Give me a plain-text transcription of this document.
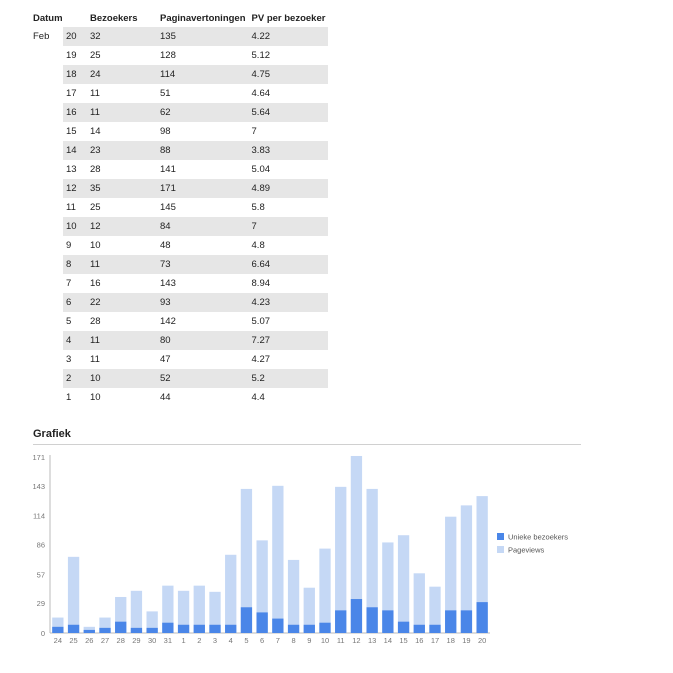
Datum		Bezoekers	Paginavertoningen	PV per bezoeker
Feb	20	32	135	4.22
	19	25	128	5.12
	18	24	114	4.75
	17	11	51	4.64
	16	11	62	5.64
	15	14	98	7
	14	23	88	3.83
	13	28	141	5.04
	12	35	171	4.89
	11	25	145	5.8
	10	12	84	7
	9	10	48	4.8
	8	11	73	6.64
	7	16	143	8.94
	6	22	93	4.23
	5	28	142	5.07
	4	11	80	7.27
	3	11	47	4.27
	2	10	52	5.2
	1	10	44	4.4
Grafiek
0
29
57
86
114
143
171
24 25 26 27 28 29 30 31 1 2 3 4 5 6 7 8 9 10 11 12 13 14 15 16 17 18 19 20
Unieke bezoekers
Pageviews
